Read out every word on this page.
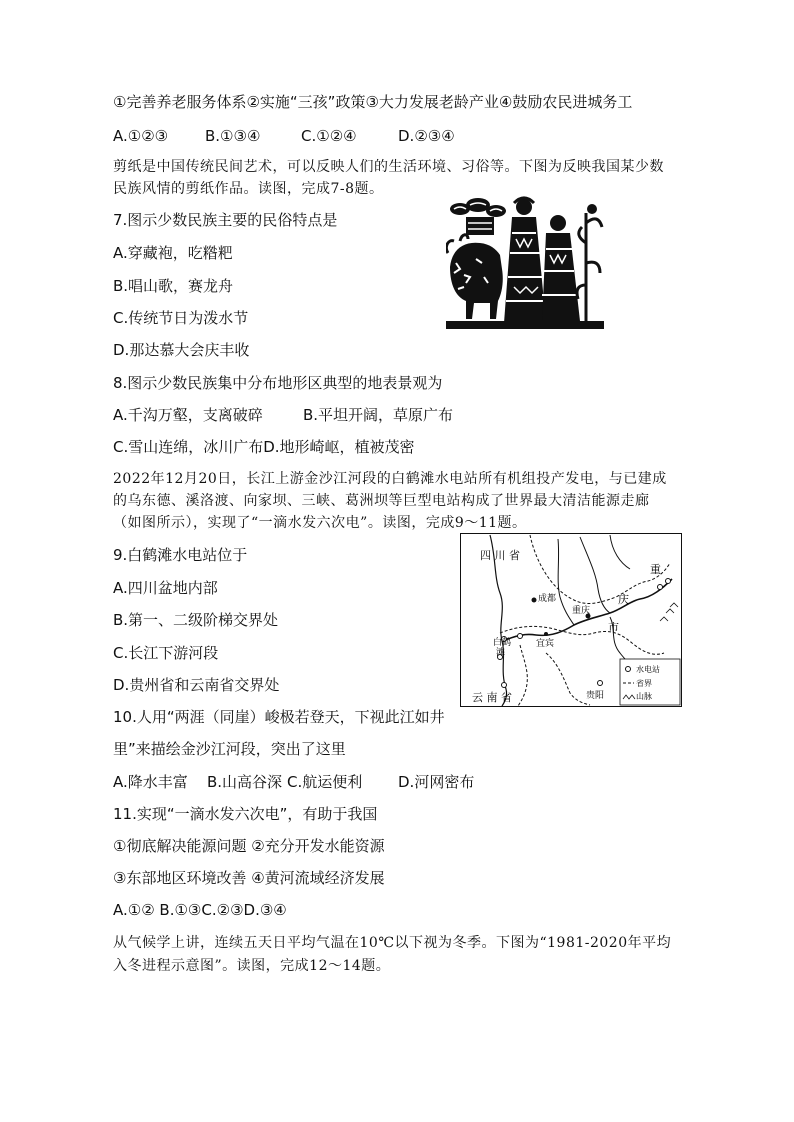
①完善养老服务体系②实施“三孩”政策③大力发展老龄产业④鼓励农民进城务工
A.①②③ B.①③④	C.①②④	D.②③④
剪纸是中国传统民间艺术，可以反映人们的生活环境、习俗等。下图为反映我国某少数
民族风情的剪纸作品。读图，完成7-8题。
7.图示少数民族主要的民俗特点是
A.穿藏袍，吃糌粑
B.唱山歌，赛龙舟
C.传统节日为泼水节
D.那达慕大会庆丰收
8.图示少数民族集中分布地形区典型的地表景观为
A.千沟万壑，支离破碎	B.平坦开阔，草原广布
C.雪山连绵，冰川广布D.地形崎岖，植被茂密
2022年12月20日，长江上游金沙江河段的白鹤滩水电站所有机组投产发电，与已建成
的乌东德、溪洛渡、向家坝、三峡、葛洲坝等巨型电站构成了世界最大清洁能源走廊
（如图所示），实现了“一滴水发六次电”。读图，完成9～11题。
9.白鹤滩水电站位于
A.四川盆地内部
B.第一、二级阶梯交界处
C.长江下游河段
D.贵州省和云南省交界处
四 川 省
成都
重庆
重
庆
市
宜宾
白鹤
滩
贵阳
云 南 省
水电站
省界
山脉
10.人用“两涯（同崖）峻极若登天，下视此江如井
里”来描绘金沙江河段，突出了这里
A.降水丰富 B.山高谷深 C.航运便利 D.河网密布
11.实现“一滴水发六次电”，有助于我国
①彻底解决能源问题 ②充分开发水能资源
③东部地区环境改善 ④黄河流域经济发展
A.①② B.①③C.②③D.③④
从气候学上讲，连续五天日平均气温在10℃以下视为冬季。下图为“1981-2020年平均
入冬进程示意图”。读图，完成12～14题。
